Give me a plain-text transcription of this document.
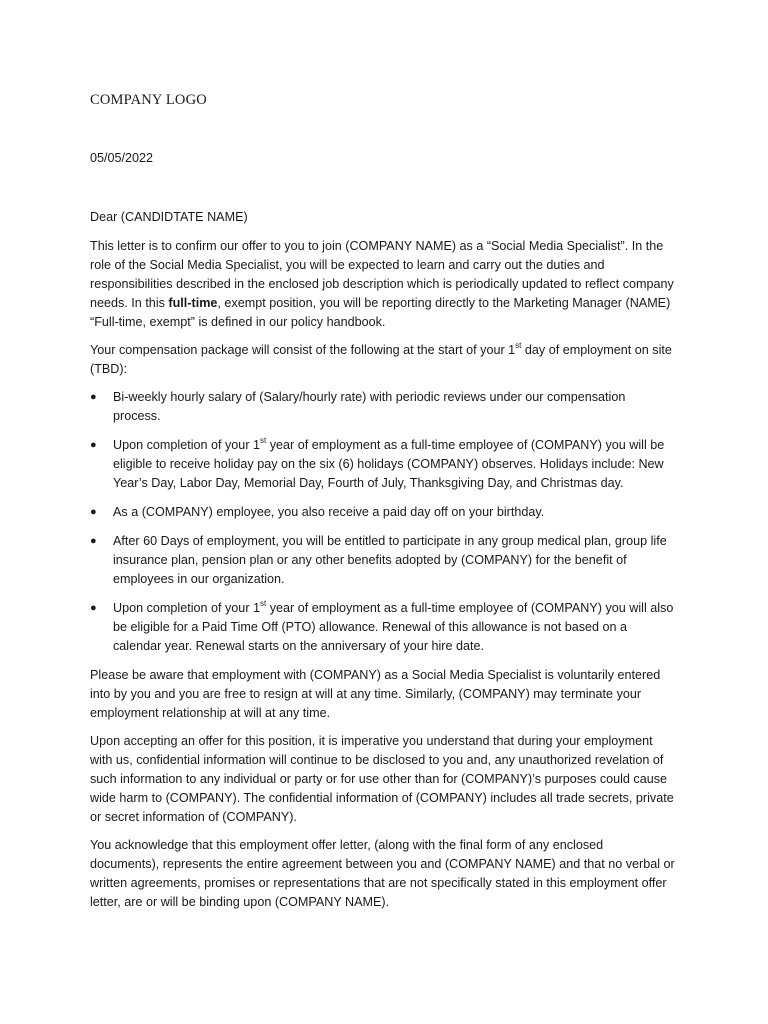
COMPANY LOGO

05/05/2022

Dear (CANDIDTATE NAME)

This letter is to confirm our offer to you to join (COMPANY NAME) as a “Social Media Specialist”. In the role of the Social Media Specialist, you will be expected to learn and carry out the duties and responsibilities described in the enclosed job description which is periodically updated to reflect company needs. In this full-time, exempt position, you will be reporting directly to the Marketing Manager (NAME) “Full-time, exempt” is defined in our policy handbook.

Your compensation package will consist of the following at the start of your 1st day of employment on site (TBD):

● Bi-weekly hourly salary of (Salary/hourly rate) with periodic reviews under our compensation process.
● Upon completion of your 1st year of employment as a full-time employee of (COMPANY) you will be eligible to receive holiday pay on the six (6) holidays (COMPANY) observes. Holidays include: New Year’s Day, Labor Day, Memorial Day, Fourth of July, Thanksgiving Day, and Christmas day.
● As a (COMPANY) employee, you also receive a paid day off on your birthday.
● After 60 Days of employment, you will be entitled to participate in any group medical plan, group life insurance plan, pension plan or any other benefits adopted by (COMPANY) for the benefit of employees in our organization.
● Upon completion of your 1st year of employment as a full-time employee of (COMPANY) you will also be eligible for a Paid Time Off (PTO) allowance. Renewal of this allowance is not based on a calendar year. Renewal starts on the anniversary of your hire date.

Please be aware that employment with (COMPANY) as a Social Media Specialist is voluntarily entered into by you and you are free to resign at will at any time. Similarly, (COMPANY) may terminate your employment relationship at will at any time.

Upon accepting an offer for this position, it is imperative you understand that during your employment with us, confidential information will continue to be disclosed to you and, any unauthorized revelation of such information to any individual or party or for use other than for (COMPANY)’s purposes could cause wide harm to (COMPANY). The confidential information of (COMPANY) includes all trade secrets, private or secret information of (COMPANY).

You acknowledge that this employment offer letter, (along with the final form of any enclosed documents), represents the entire agreement between you and (COMPANY NAME) and that no verbal or written agreements, promises or representations that are not specifically stated in this employment offer letter, are or will be binding upon (COMPANY NAME).
